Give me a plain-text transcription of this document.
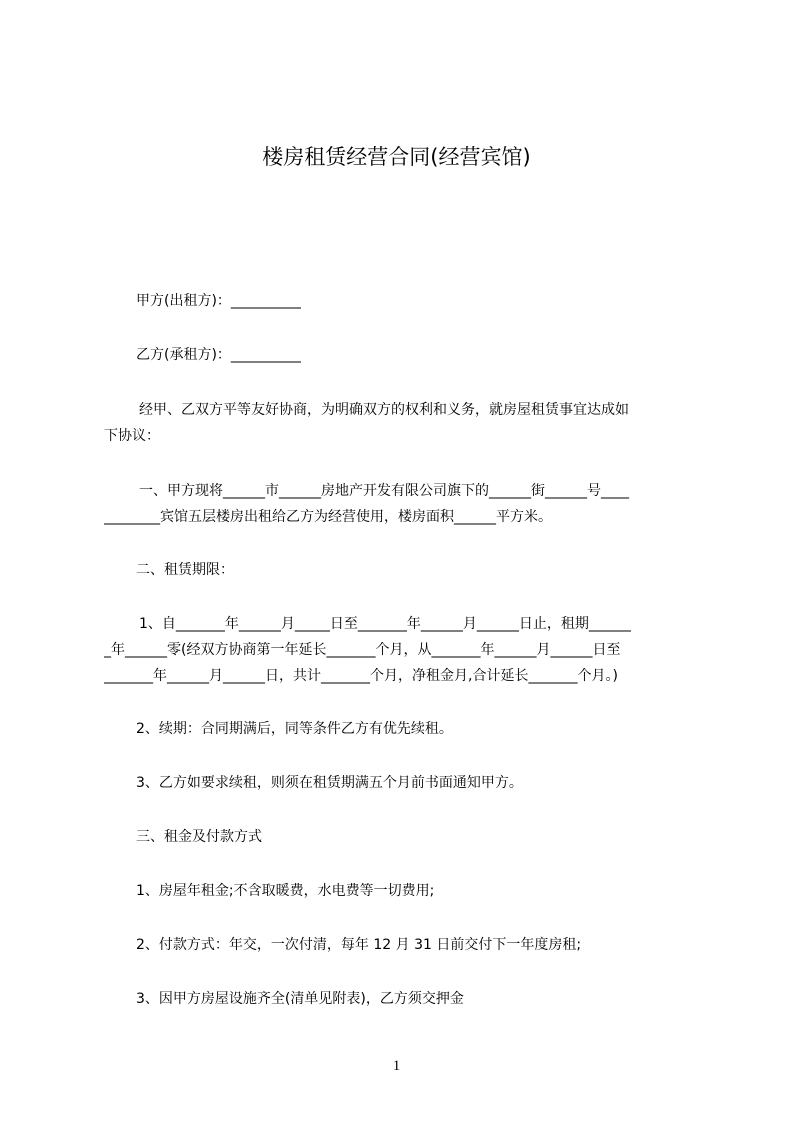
楼房租赁经营合同(经营宾馆)
甲方(出租方)：__________
乙方(承租方)：__________
经甲、乙双方平等友好协商，为明确双方的权利和义务，就房屋租赁事宜达成如
下协议：
一、甲方现将______市______房地产开发有限公司旗下的______街______号____
________宾馆五层楼房出租给乙方为经营使用，楼房面积______平方米。
二、租赁期限：
1、自_______年______月_____日至_______年______月______日止，租期______
_年______零(经双方协商第一年延长_______个月，从_______年______月______日至
_______年______月______日，共计_______个月，净租金月,合计延长_______个月。)
2、续期：合同期满后，同等条件乙方有优先续租。
3、乙方如要求续租，则须在租赁期满五个月前书面通知甲方。
三、租金及付款方式
1、房屋年租金;不含取暖费，水电费等一切费用;
2、付款方式：年交，一次付清，每年 12 月 31 日前交付下一年度房租;
3、因甲方房屋设施齐全(清单见附表)，乙方须交押金
1
